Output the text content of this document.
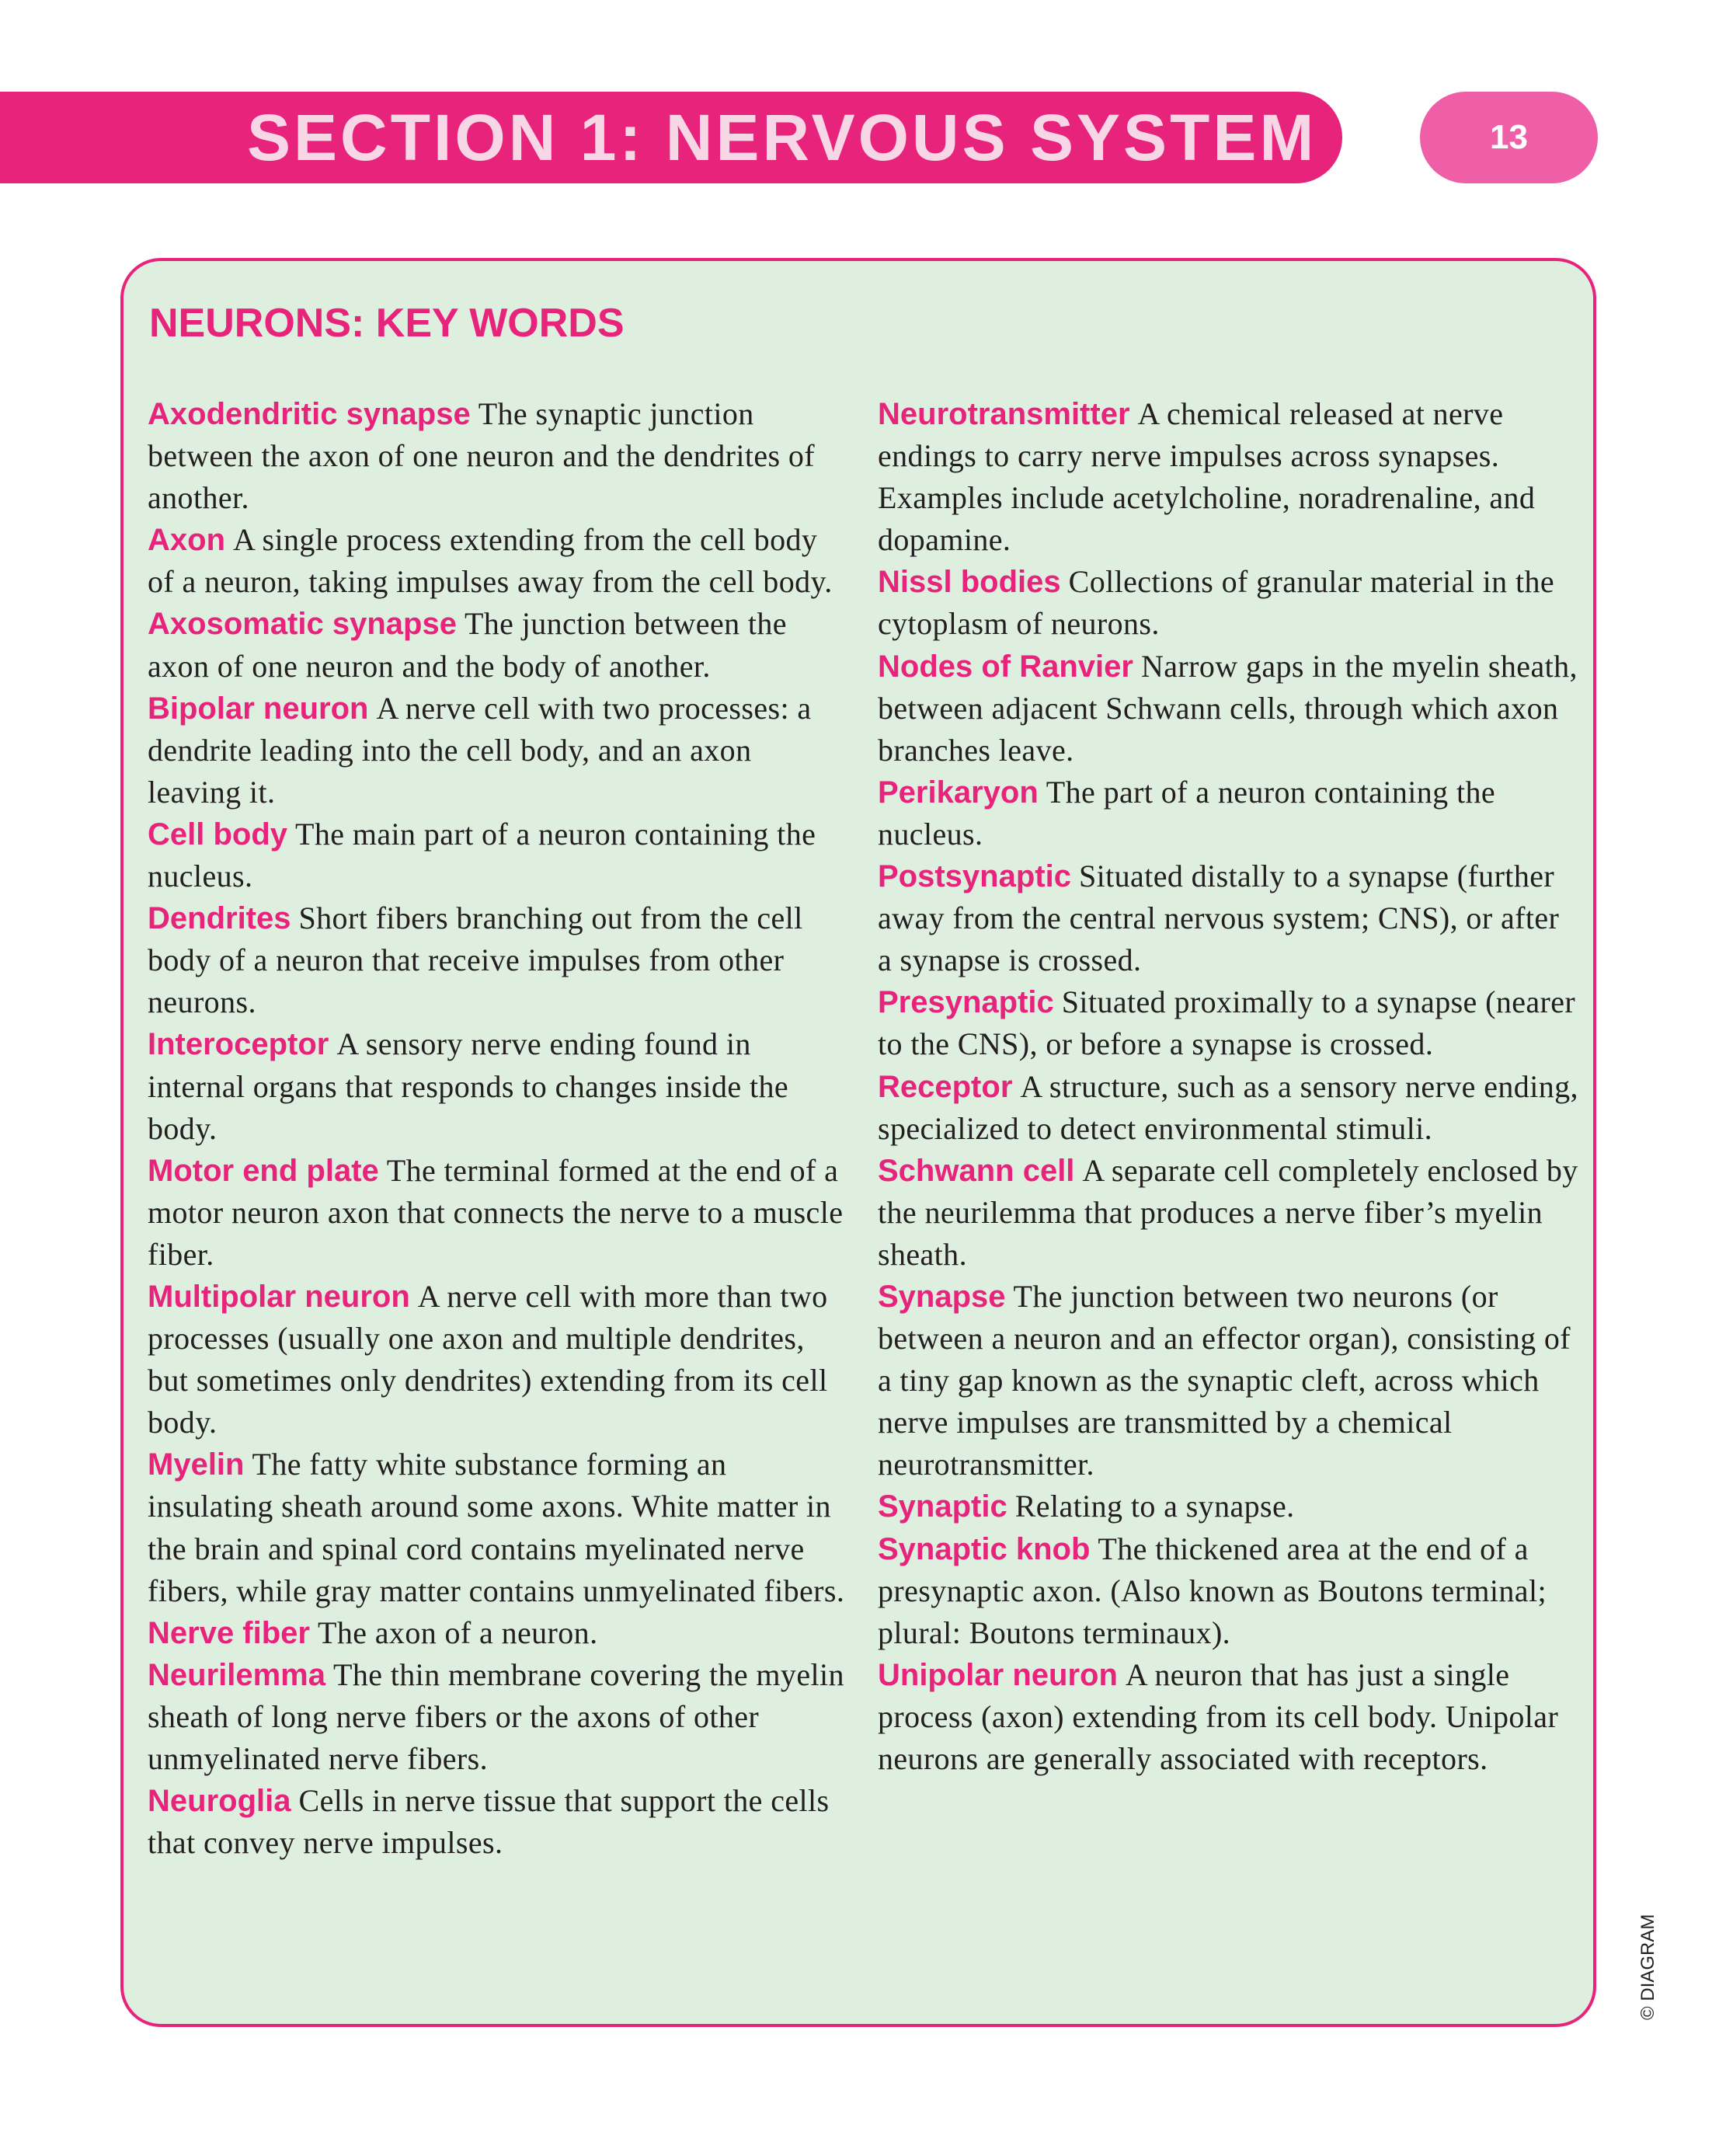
SECTION 1: NERVOUS SYSTEM	13
NEURONS: KEY WORDS

Axodendritic synapse The synaptic junction between the axon of one neuron and the dendrites of another.

Axon A single process extending from the cell body of a neuron, taking impulses away from the cell body.

Axosomatic synapse The junction between the axon of one neuron and the body of another.

Bipolar neuron A nerve cell with two processes: a dendrite leading into the cell body, and an axon leaving it.

Cell body The main part of a neuron containing the nucleus.

Dendrites Short fibers branching out from the cell body of a neuron that receive impulses from other neurons.

Interoceptor A sensory nerve ending found in internal organs that responds to changes inside the body.

Motor end plate The terminal formed at the end of a motor neuron axon that connects the nerve to a muscle fiber.

Multipolar neuron A nerve cell with more than two processes (usually one axon and multiple dendrites, but sometimes only dendrites) extending from its cell body.

Myelin The fatty white substance forming an insulating sheath around some axons. White matter in the brain and spinal cord contains myelinated nerve fibers, while gray matter contains unmyelinated fibers.

Nerve fiber The axon of a neuron.

Neurilemma The thin membrane covering the myelin sheath of long nerve fibers or the axons of other unmyelinated nerve fibers.

Neuroglia Cells in nerve tissue that support the cells that convey nerve impulses.

Neurotransmitter A chemical released at nerve endings to carry nerve impulses across synapses. Examples include acetylcholine, noradrenaline, and dopamine.

Nissl bodies Collections of granular material in the cytoplasm of neurons.

Nodes of Ranvier Narrow gaps in the myelin sheath, between adjacent Schwann cells, through which axon branches leave.

Perikaryon The part of a neuron containing the nucleus.

Postsynaptic Situated distally to a synapse (further away from the central nervous system; CNS), or after a synapse is crossed.

Presynaptic Situated proximally to a synapse (nearer to the CNS), or before a synapse is crossed.

Receptor A structure, such as a sensory nerve ending, specialized to detect environmental stimuli.

Schwann cell A separate cell completely enclosed by the neurilemma that produces a nerve fiber’s myelin sheath.

Synapse The junction between two neurons (or between a neuron and an effector organ), consisting of a tiny gap known as the synaptic cleft, across which nerve impulses are transmitted by a chemical neurotransmitter.

Synaptic Relating to a synapse.

Synaptic knob The thickened area at the end of a presynaptic axon. (Also known as Boutons terminal; plural: Boutons terminaux).

Unipolar neuron A neuron that has just a single process (axon) extending from its cell body. Unipolar neurons are generally associated with receptors.

© DIAGRAM
